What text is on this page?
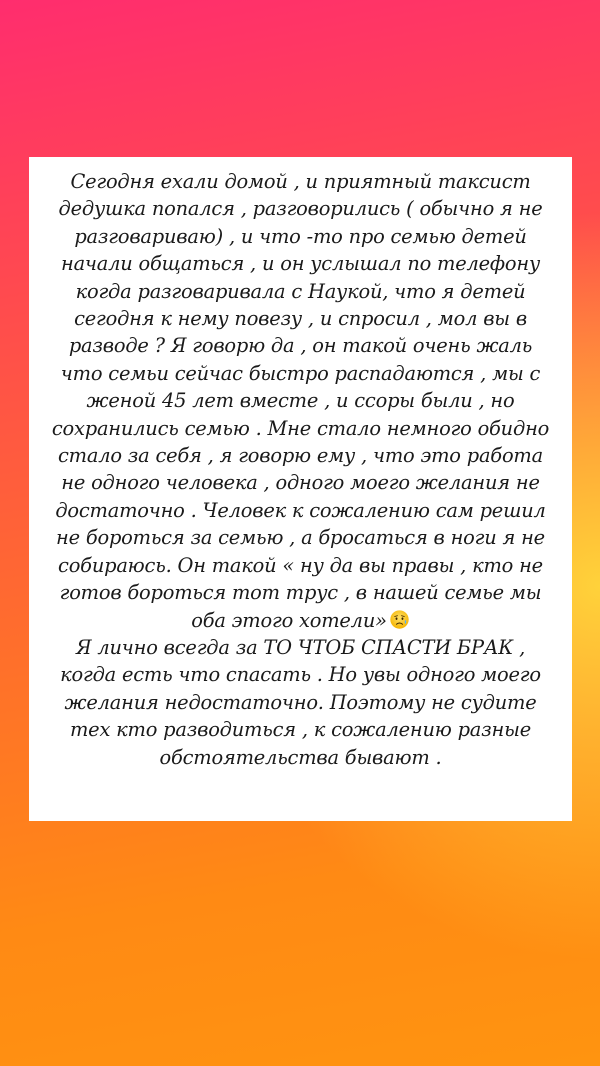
Сегодня ехали домой , и приятный таксист
дедушка попался , разговорились ( обычно я не
разговариваю) , и что -то про семью детей
начали общаться , и он услышал по телефону
когда разговаривала с Наукой, что я детей
сегодня к нему повезу , и спросил , мол вы в
разводе ? Я говорю да , он такой очень жаль
что семьи сейчас быстро распадаются , мы с
женой 45 лет вместе , и ссоры были , но
сохранились семью . Мне стало немного обидно
стало за себя , я говорю ему , что это работа
не одного человека , одного моего желания не
достаточно . Человек к сожалению сам решил
не бороться за семью , а бросаться в ноги я не
собираюсь. Он такой « ну да вы правы , кто не
готов бороться тот трус , в нашей семье мы
оба этого хотели»
Я лично всегда за ТО ЧТОБ СПАСТИ БРАК ,
когда есть что спасать . Но увы одного моего
желания недостаточно. Поэтому не судите
тех кто разводиться , к сожалению разные
обстоятельства бывают .
